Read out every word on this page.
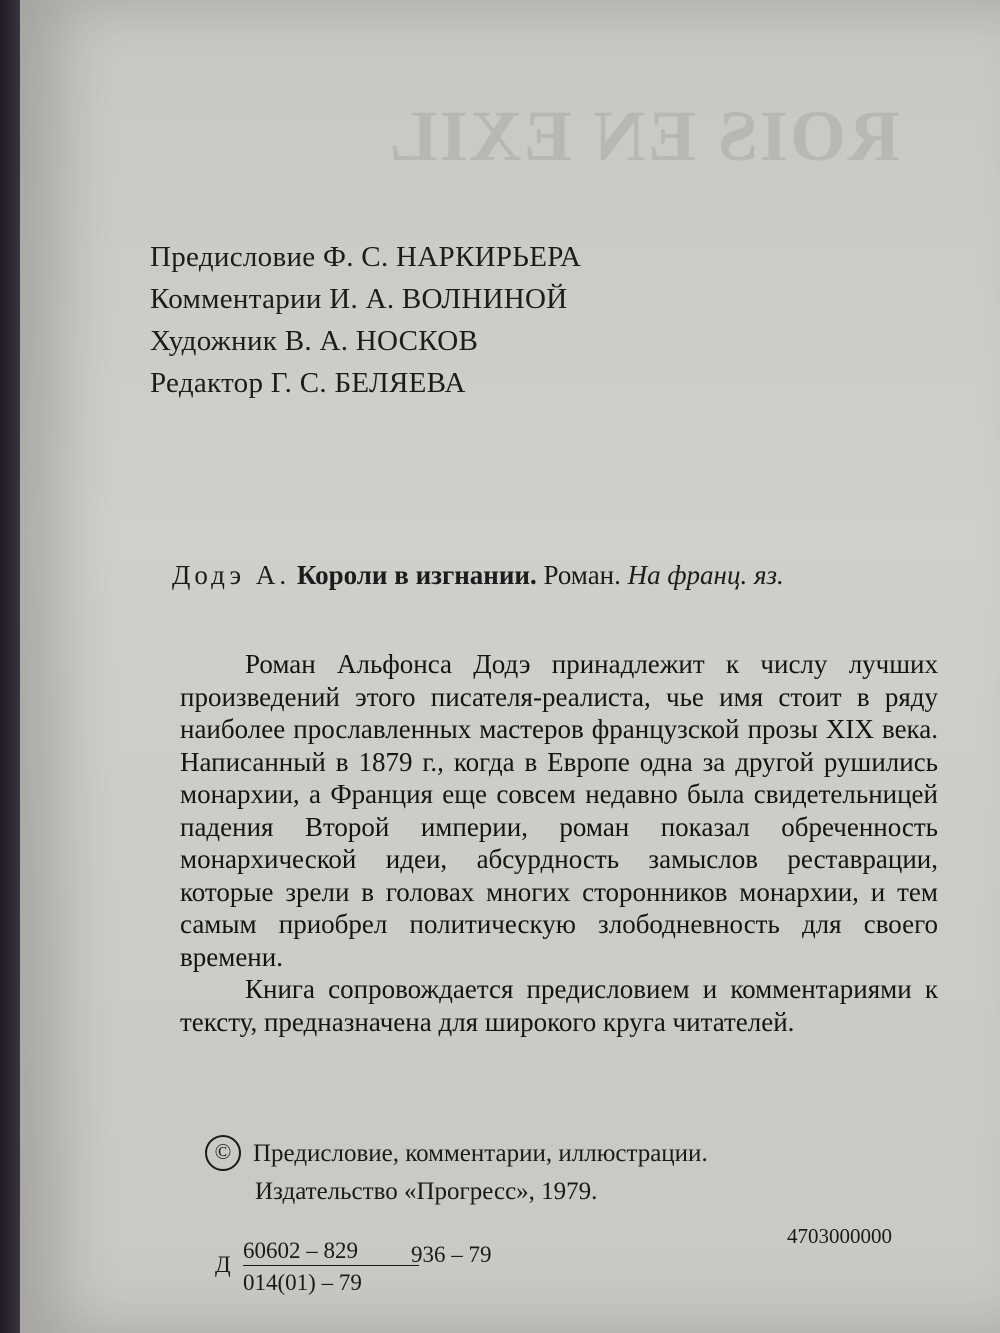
ROIS EN EXIL
Предисловие Ф. С. НАРКИРЬЕРА
Комментарии И. А. ВОЛНИНОЙ
Художник В. А. НОСКОВ
Редактор Г. С. БЕЛЯЕВА
Додэ А. Короли в изгнании. Роман. На франц. яз.

Роман Альфонса Додэ принадлежит к числу лучших произведений этого писателя-реалиста, чье имя стоит в ряду наиболее прославленных мастеров французской прозы XIX века. Написанный в 1879 г., когда в Европе одна за другой рушились монархии, а Франция еще совсем недавно была свидетельницей падения Второй империи, роман показал обреченность монархической идеи, абсурдность замыслов реставрации, которые зрели в головах многих сторонников монархии, и тем самым приобрел политическую злободневность для своего времени.

Книга сопровождается предисловием и комментариями к тексту, предназначена для широкого круга читателей.

© Предисловие, комментарии, иллюстрации.
Издательство «Прогресс», 1979.
Д $\frac{60602 - 829}{014(01) - 79}$
936 – 79
4703000000
